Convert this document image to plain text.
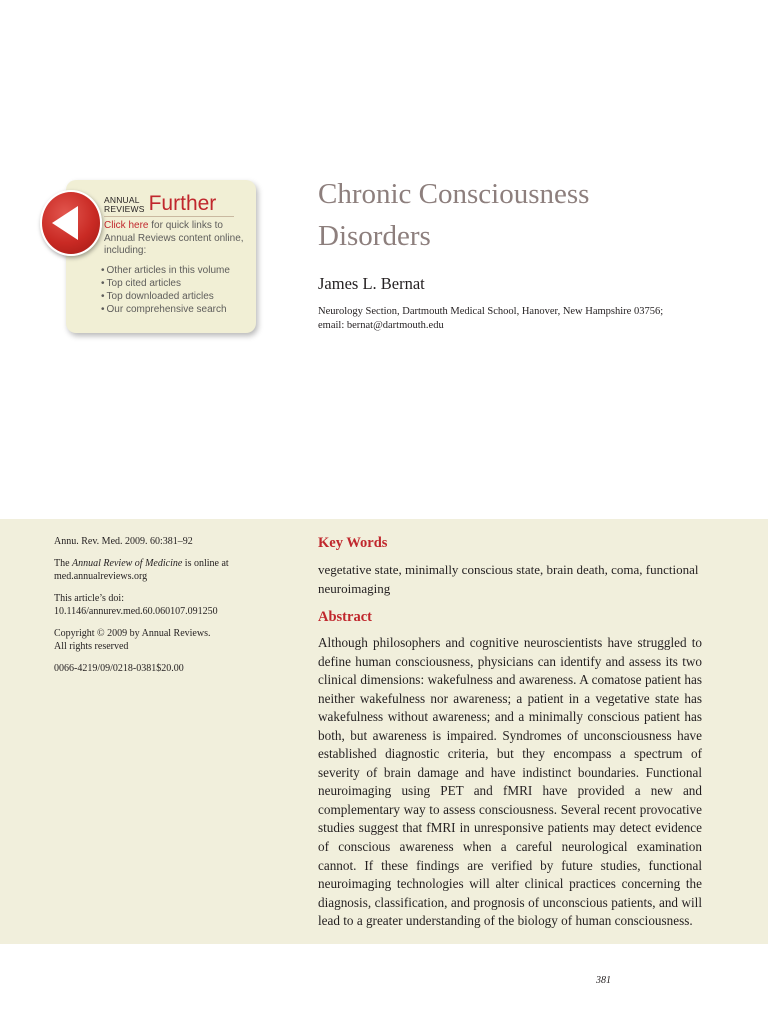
ANNUAL
REVIEWS Further
Click here for quick links to Annual Reviews content online, including:
• Other articles in this volume
• Top cited articles
• Top downloaded articles
• Our comprehensive search
Chronic Consciousness
Disorders
James L. Bernat
Neurology Section, Dartmouth Medical School, Hanover, New Hampshire 03756;
email: bernat@dartmouth.edu

Annu. Rev. Med. 2009. 60:381–92

The Annual Review of Medicine is online at
med.annualreviews.org

This article’s doi:
10.1146/annurev.med.60.060107.091250

Copyright © 2009 by Annual Reviews.
All rights reserved

0066-4219/09/0218-0381$20.00

Key Words
vegetative state, minimally conscious state, brain death, coma, functional neuroimaging
Abstract

Although philosophers and cognitive neuroscientists have struggled to define human consciousness, physicians can identify and assess its two clinical dimensions: wakefulness and awareness. A comatose patient has neither wakefulness nor awareness; a patient in a vegetative state has wakefulness without awareness; and a minimally conscious patient has both, but awareness is impaired. Syndromes of unconsciousness have established diagnostic criteria, but they encompass a spectrum of severity of brain damage and have indistinct boundaries. Functional neuroimaging using PET and fMRI have provided a new and complementary way to assess consciousness. Several recent provocative studies suggest that fMRI in unresponsive patients may detect evidence of conscious awareness when a careful neurological examination cannot. If these findings are verified by future studies, functional neuroimaging technologies will alter clinical practices concerning the diagnosis, classification, and prognosis of unconscious patients, and will lead to a greater understanding of the biology of human consciousness.

381
